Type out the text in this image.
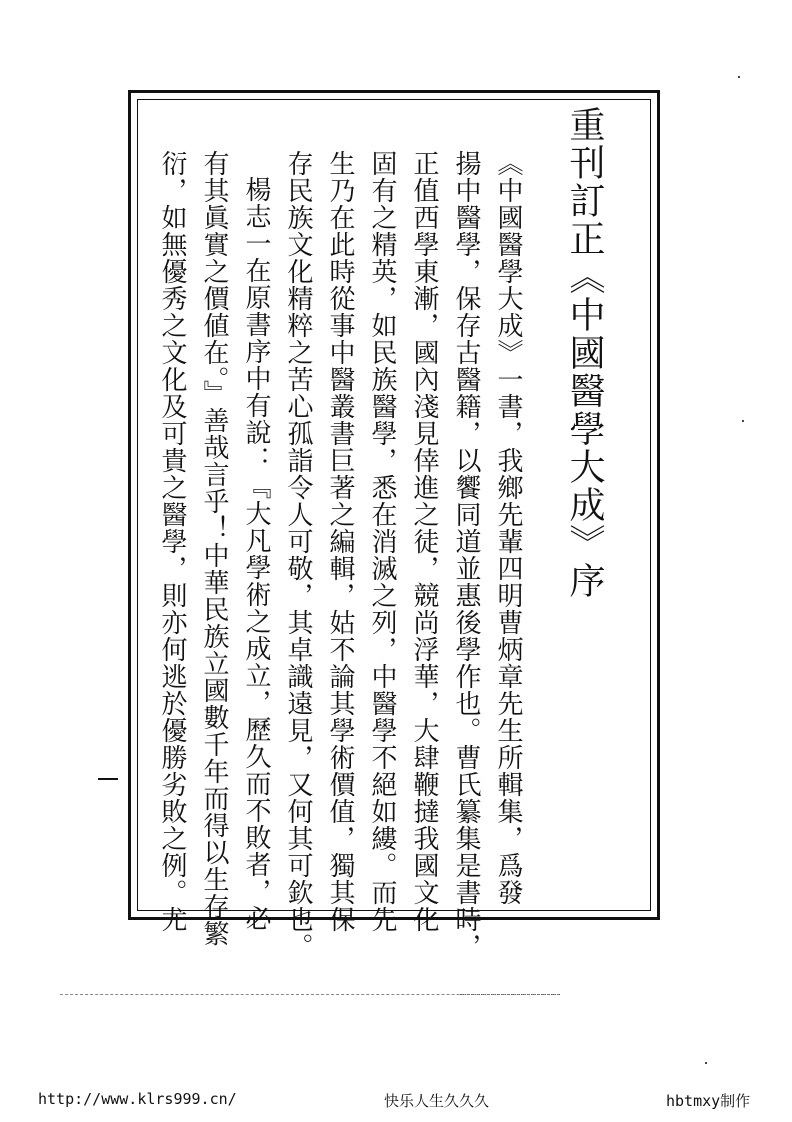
重刊訂正《中國醫學大成》序
《中國醫學大成》一書，我鄉先輩四明曹炳章先生所輯集，爲發
揚中醫學，保存古醫籍，以饗同道並惠後學作也。曹氏纂集是書時，
正值西學東漸，國內淺見倖進之徒，競尚浮華，大肆鞭撻我國文化
固有之精英，如民族醫學，悉在消滅之列，中醫學不絕如縷。而先
生乃在此時從事中醫叢書巨著之編輯，姑不論其學術價值，獨其保
存民族文化精粹之苦心孤詣令人可敬，其卓識遠見，又何其可欽也。
楊志一在原書序中有說：『大凡學術之成立，歷久而不敗者，必
有其眞實之價値在。』善哉言乎！中華民族立國數千年而得以生存繁
衍，如無優秀之文化及可貴之醫學，則亦何逃於優勝劣敗之例。尤
http://www.klrs999.cn/	快乐人生久久久	hbtmxy制作
